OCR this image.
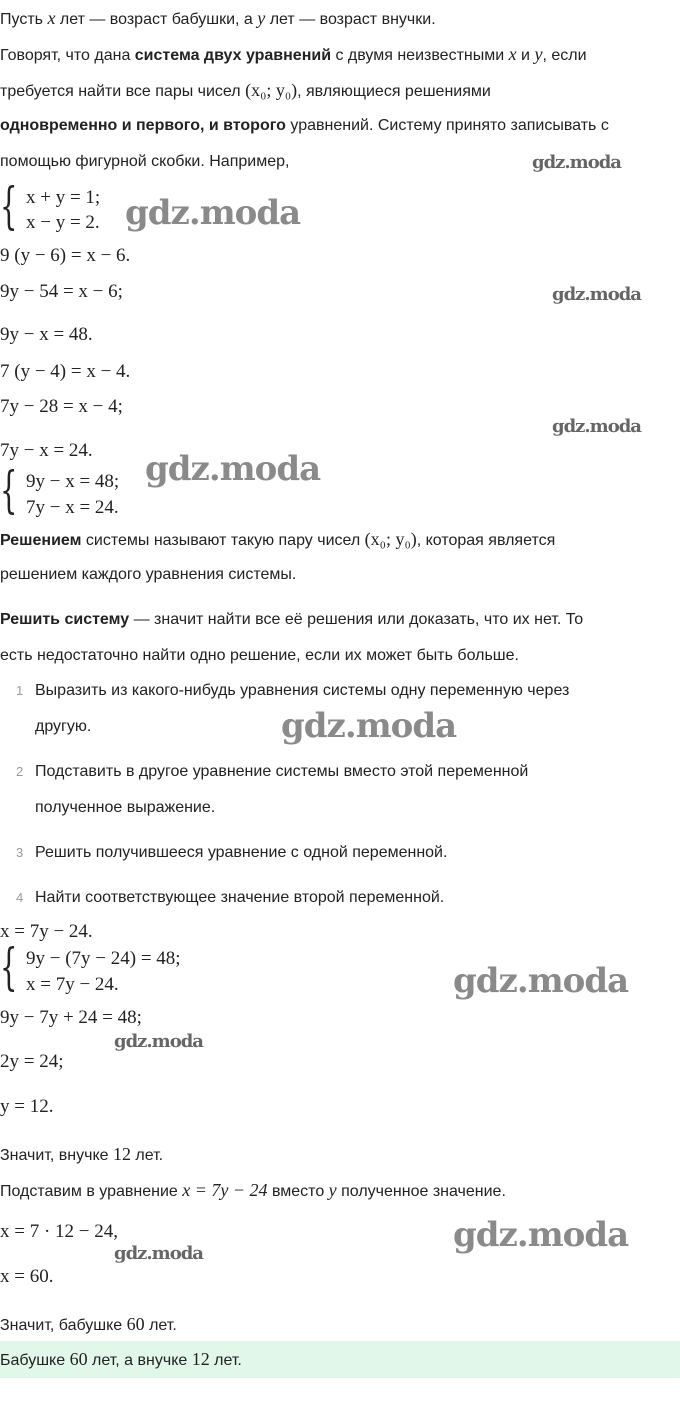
Пусть x лет — возраст бабушки, а y лет — возраст внучки.
Говорят, что дана система двух уравнений с двумя неизвестными x и y, если
требуется найти все пары чисел (x₀; y₀), являющиеся решениями
одновременно и первого, и второго уравнений. Систему принято записывать с
помощью фигурной скобки. Например,
{ x + y = 1;
x − y = 2.
9 (y − 6) = x − 6.
9y − 54 = x − 6;
9y − x = 48.
7 (y − 4) = x − 4.
7y − 28 = x − 4;
7y − x = 24.
{ 9y − x = 48;
7y − x = 24.
Решением системы называют такую пару чисел (x₀; y₀), которая является
решением каждого уравнения системы.
Решить систему — значит найти все её решения или доказать, что их нет. То
есть недостаточно найти одно решение, если их может быть больше.
1 Выразить из какого-нибудь уравнения системы одну переменную через
другую.
2 Подставить в другое уравнение системы вместо этой переменной
полученное выражение.
3 Решить получившееся уравнение с одной переменной.
4 Найти соответствующее значение второй переменной.
x = 7y − 24.
{ 9y − (7y − 24) = 48;
x = 7y − 24.
9y − 7y + 24 = 48;
2y = 24;
y = 12.
Значит, внучке 12 лет.
Подставим в уравнение x = 7y − 24 вместо y полученное значение.
x = 7 · 12 − 24,
x = 60.
Значит, бабушке 60 лет.
Бабушке 60 лет, а внучке 12 лет.
gdz.moda
gdz.moda
gdz.moda
gdz.moda
gdz.moda
gdz.moda
gdz.moda
gdz.moda
gdz.moda
gdz.moda
